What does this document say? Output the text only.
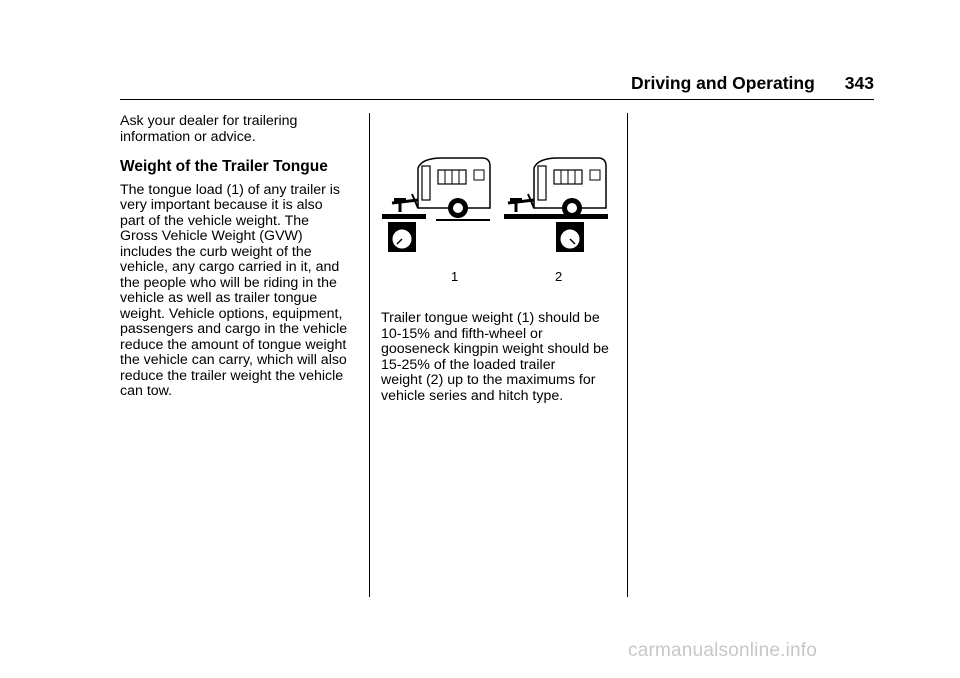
Driving and Operating 343

Ask your dealer for trailering
information or advice.

Weight of the Trailer Tongue

The tongue load (1) of any trailer is
very important because it is also
part of the vehicle weight. The
Gross Vehicle Weight (GVW)
includes the curb weight of the
vehicle, any cargo carried in it, and
the people who will be riding in the
vehicle as well as trailer tongue
weight. Vehicle options, equipment,
passengers and cargo in the vehicle
reduce the amount of tongue weight
the vehicle can carry, which will also
reduce the trailer weight the vehicle
can tow.

1	2

Trailer tongue weight (1) should be
10-15% and fifth-wheel or
gooseneck kingpin weight should be
15-25% of the loaded trailer
weight (2) up to the maximums for
vehicle series and hitch type.

carmanualsonline.info
